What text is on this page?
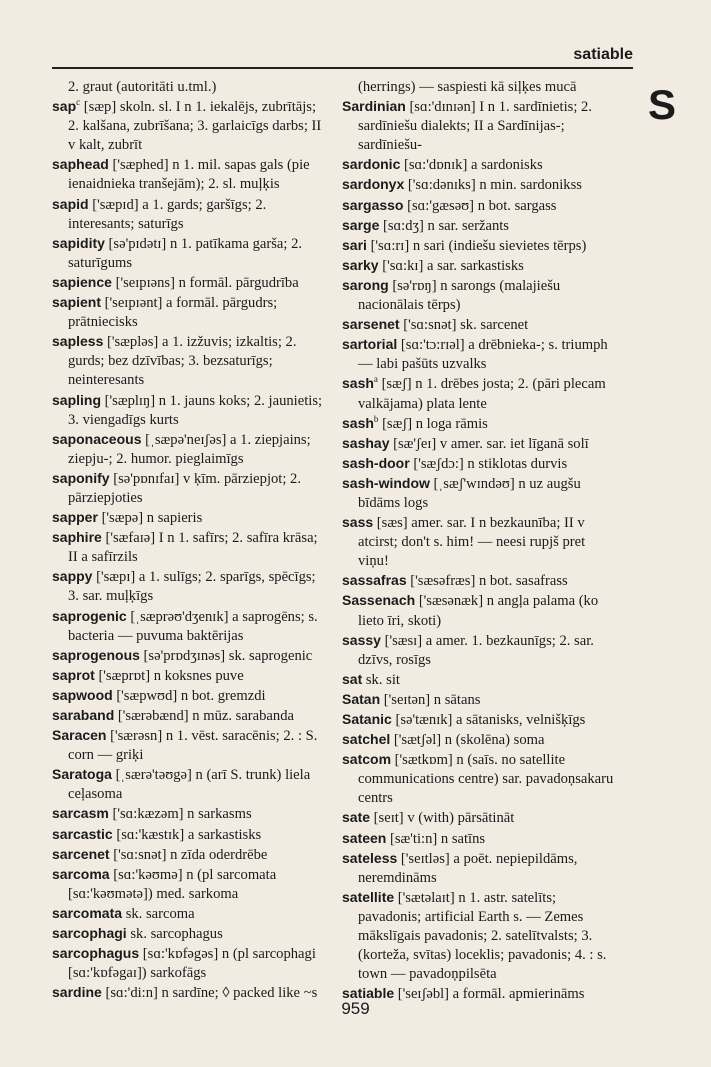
satiable
S

2. graut (autoritāti u.tml.)

sap$^c$ [sæp] skoln. sl. I n 1. iekalējs, zubrītājs; 2. kalšana, zubrīšana; 3. garlaicīgs darbs; II v kalt, zubrīt

saphead ['sæphed] n 1. mil. sapas gals (pie ienaidnieka tranšejām); 2. sl. muļķis

sapid ['sæpɪd] a 1. gards; garšīgs; 2. interesants; saturīgs

sapidity [sə'pɪdətɪ] n 1. patīkama garša; 2. saturīgums

sapience ['seɪpɪəns] n formāl. pārgudrība

sapient ['seɪpɪənt] a formāl. pārgudrs; prātniecisks

sapless ['sæpləs] a 1. izžuvis; izkaltis; 2. gurds; bez dzīvības; 3. bezsaturīgs; neinteresants

sapling ['sæplɪŋ] n 1. jauns koks; 2. jaunietis; 3. viengadīgs kurts

saponaceous [ˌsæpə'neɪʃəs] a 1. ziepjains; ziepju-; 2. humor. pieglaimīgs

saponify [sə'pɒnɪfaɪ] v ķīm. pārziepjot; 2. pārziepjoties

sapper ['sæpə] n sapieris

saphire ['sæfaɪə] I n 1. safīrs; 2. safīra krāsa; II a safīrzils

sappy ['sæpɪ] a 1. sulīgs; 2. sparīgs, spēcīgs; 3. sar. muļķīgs

saprogenic [ˌsæprəʊ'dʒenɪk] a saprogēns; s. bacteria — puvuma baktērijas

saprogenous [sə'prɒdʒɪnəs] sk. saprogenic

saprot ['sæprɒt] n koksnes puve

sapwood ['sæpwʊd] n bot. gremzdi

saraband ['særəbænd] n mūz. sarabanda

Saracen ['særəsn] n 1. vēst. saracēnis; 2. : S. corn — griķi

Saratoga [ˌsærə'təʊgə] n (arī S. trunk) liela ceļasoma

sarcasm ['sɑ:kæzəm] n sarkasms

sarcastic [sɑ:'kæstɪk] a sarkastisks

sarcenet ['sɑ:snət] n zīda oderdrēbe

sarcoma [sɑ:'kəʊmə] n (pl sarcomata [sɑ:'kəʊmətə]) med. sarkoma

sarcomata sk. sarcoma

sarcophagi sk. sarcophagus

sarcophagus [sɑ:'kɒfəgəs] n (pl sarcophagi [sɑ:'kɒfəgaɪ]) sarkofāgs

sardine [sɑ:'di:n] n sardīne; ◊ packed like ~s

(herrings) — saspiesti kā siļķes mucā

Sardinian [sɑ:'dɪnɪən] I n 1. sardīnietis; 2. sardīniešu dialekts; II a Sardīnijas-; sardīniešu-

sardonic [sɑ:'dɒnɪk] a sardonisks

sardonyx ['sɑ:dənɪks] n min. sardonikss

sargasso [sɑ:'gæsəʊ] n bot. sargass

sarge [sɑ:dʒ] n sar. seržants

sari ['sɑ:rɪ] n sari (indiešu sievietes tērps)

sarky ['sɑ:kɪ] a sar. sarkastisks

sarong [sə'rɒŋ] n sarongs (malajiešu nacionālais tērps)

sarsenet ['sɑ:snət] sk. sarcenet

sartorial [sɑ:'tɔ:rɪəl] a drēbnieka-; s. triumph — labi pašūts uzvalks

sash$^a$ [sæʃ] n 1. drēbes josta; 2. (pāri plecam valkājama) plata lente

sash$^b$ [sæʃ] n loga rāmis

sashay [sæ'ʃeɪ] v amer. sar. iet līganā solī

sash-door ['sæʃdɔ:] n stiklotas durvis

sash-window [ˌsæʃ'wɪndəʊ] n uz augšu bīdāms logs

sass [sæs] amer. sar. I n bezkaunība; II v atcirst; don't s. him! — neesi rupjš pret viņu!

sassafras ['sæsəfræs] n bot. sasafrass

Sassenach ['sæsənæk] n angļa palama (ko lieto īri, skoti)

sassy ['sæsɪ] a amer. 1. bezkaunīgs; 2. sar. dzīvs, rosīgs

sat sk. sit

Satan ['seɪtən] n sātans

Satanic [sə'tænɪk] a sātanisks, velnišķīgs

satchel ['sætʃəl] n (skolēna) soma

satcom ['sætkɒm] n (saīs. no satellite communications centre) sar. pavadoņsakaru centrs

sate [seɪt] v (with) pārsātināt

sateen [sæ'ti:n] n satīns

sateless ['seɪtləs] a poēt. nepiepildāms, neremdināms

satellite ['sætəlaɪt] n 1. astr. satelīts; pavadonis; artificial Earth s. — Zemes mākslīgais pavadonis; 2. satelītvalsts; 3. (korteža, svītas) loceklis; pavadonis; 4. : s. town — pavadoņpilsēta

satiable ['seɪʃəbl] a formāl. apmierināms

959
